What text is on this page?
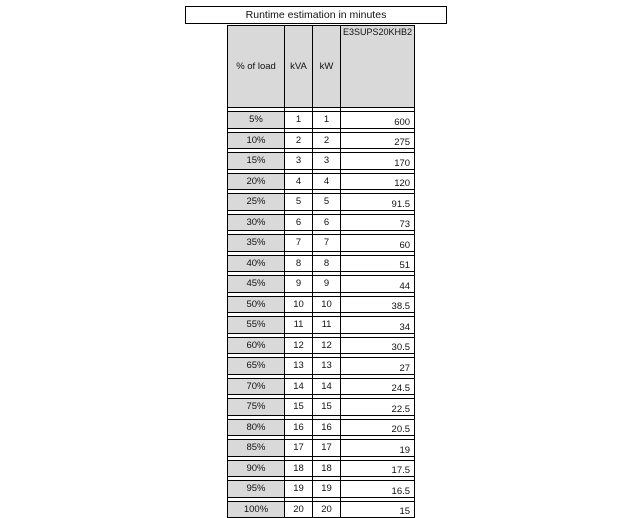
Runtime estimation in minutes
% of load	kVA	kW	E3SUPS20KHB2

5%	1	1	600

10%	2	2	275

15%	3	3	170

20%	4	4	120

25%	5	5	91.5

30%	6	6	73

35%	7	7	60

40%	8	8	51

45%	9	9	44

50%	10	10	38.5

55%	11	11	34

60%	12	12	30.5

65%	13	13	27

70%	14	14	24.5

75%	15	15	22.5

80%	16	16	20.5

85%	17	17	19

90%	18	18	17.5

95%	19	19	16.5

100%	20	20	15
